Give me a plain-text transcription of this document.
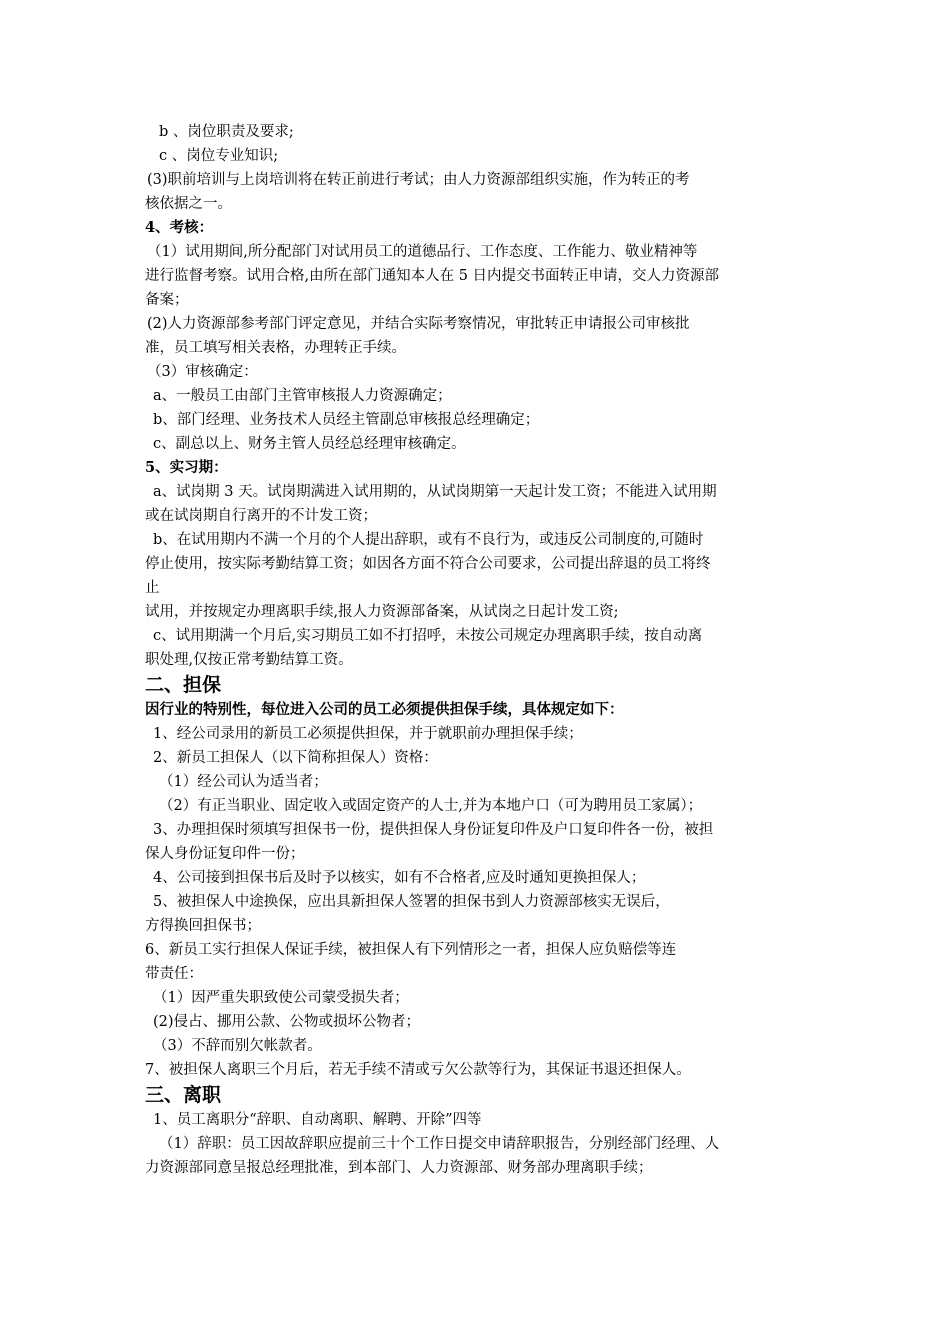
b 、岗位职责及要求;
c 、岗位专业知识;
(3)职前培训与上岗培训将在转正前进行考试；由人力资源部组织实施，作为转正的考
核依据之一。
4、考核：
（1）试用期间,所分配部门对试用员工的道德品行、工作态度、工作能力、敬业精神等
进行监督考察。试用合格,由所在部门通知本人在 5 日内提交书面转正申请，交人力资源部
备案；
(2)人力资源部参考部门评定意见，并结合实际考察情况，审批转正申请报公司审核批
准，员工填写相关表格，办理转正手续。
（3）审核确定：
a、一般员工由部门主管审核报人力资源确定；
b、部门经理、业务技术人员经主管副总审核报总经理确定；
c、副总以上、财务主管人员经总经理审核确定。
5、实习期：
a、试岗期 3 天。试岗期满进入试用期的，从试岗期第一天起计发工资；不能进入试用期
或在试岗期自行离开的不计发工资；
b、在试用期内不满一个月的个人提出辞职，或有不良行为，或违反公司制度的,可随时
停止使用，按实际考勤结算工资；如因各方面不符合公司要求，公司提出辞退的员工将终
止
试用，并按规定办理离职手续,报人力资源部备案，从试岗之日起计发工资;
c、试用期满一个月后,实习期员工如不打招呼，未按公司规定办理离职手续，按自动离
职处理,仅按正常考勤结算工资。
二、担保
因行业的特别性，每位进入公司的员工必须提供担保手续，具体规定如下：
1、经公司录用的新员工必须提供担保，并于就职前办理担保手续；
2、新员工担保人（以下简称担保人）资格：
（1）经公司认为适当者；
（2）有正当职业、固定收入或固定资产的人士,并为本地户口（可为聘用员工家属）；
3、办理担保时须填写担保书一份，提供担保人身份证复印件及户口复印件各一份，被担
保人身份证复印件一份；
4、公司接到担保书后及时予以核实，如有不合格者,应及时通知更换担保人；
5、被担保人中途换保，应出具新担保人签署的担保书到人力资源部核实无误后，
方得换回担保书；
6、新员工实行担保人保证手续，被担保人有下列情形之一者，担保人应负赔偿等连
带责任：
（1）因严重失职致使公司蒙受损失者；
(2)侵占、挪用公款、公物或损坏公物者；
（3）不辞而别欠帐款者。
7、被担保人离职三个月后，若无手续不清或亏欠公款等行为，其保证书退还担保人。
三、离职
1、员工离职分“辞职、自动离职、解聘、开除”四等
（1）辞职：员工因故辞职应提前三十个工作日提交申请辞职报告，分别经部门经理、人
力资源部同意呈报总经理批准，到本部门、人力资源部、财务部办理离职手续；
